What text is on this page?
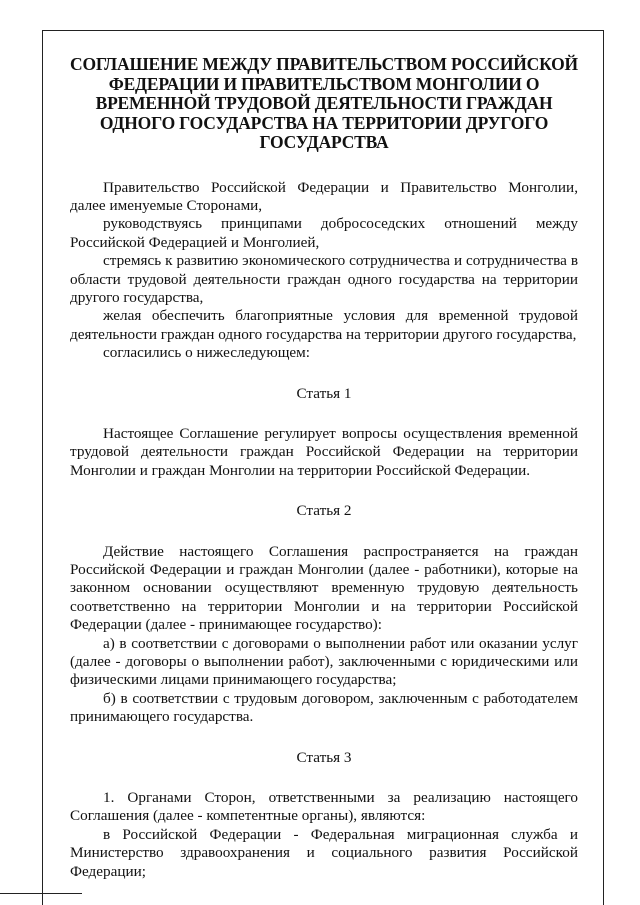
СОГЛАШЕНИЕ МЕЖДУ ПРАВИТЕЛЬСТВОМ РОССИЙСКОЙ ФЕДЕРАЦИИ И ПРАВИТЕЛЬСТВОМ МОНГОЛИИ О ВРЕМЕННОЙ ТРУДОВОЙ ДЕЯТЕЛЬНОСТИ ГРАЖДАН ОДНОГО ГОСУДАРСТВА НА ТЕРРИТОРИИ ДРУГОГО ГОСУДАРСТВА

Правительство Российской Федерации и Правительство Монголии, далее именуемые Сторонами,

руководствуясь принципами добрососедских отношений между Российской Федерацией и Монголией,

стремясь к развитию экономического сотрудничества и сотрудничества в области трудовой деятельности граждан одного государства на территории другого государства,

желая обеспечить благоприятные условия для временной трудовой деятельности граждан одного государства на территории другого государства,

согласились о нижеследующем:

Статья 1

Настоящее Соглашение регулирует вопросы осуществления временной трудовой деятельности граждан Российской Федерации на территории Монголии и граждан Монголии на территории Российской Федерации.

Статья 2

Действие настоящего Соглашения распространяется на граждан Российской Федерации и граждан Монголии (далее - работники), которые на законном основании осуществляют временную трудовую деятельность соответственно на территории Монголии и на территории Российской Федерации (далее - принимающее государство):

а) в соответствии с договорами о выполнении работ или оказании услуг (далее - договоры о выполнении работ), заключенными с юридическими или физическими лицами принимающего государства;

б) в соответствии с трудовым договором, заключенным с работодателем принимающего государства.

Статья 3

1. Органами Сторон, ответственными за реализацию настоящего Соглашения (далее - компетентные органы), являются:

в Российской Федерации - Федеральная миграционная служба и Министерство здравоохранения и социального развития Российской Федерации;
